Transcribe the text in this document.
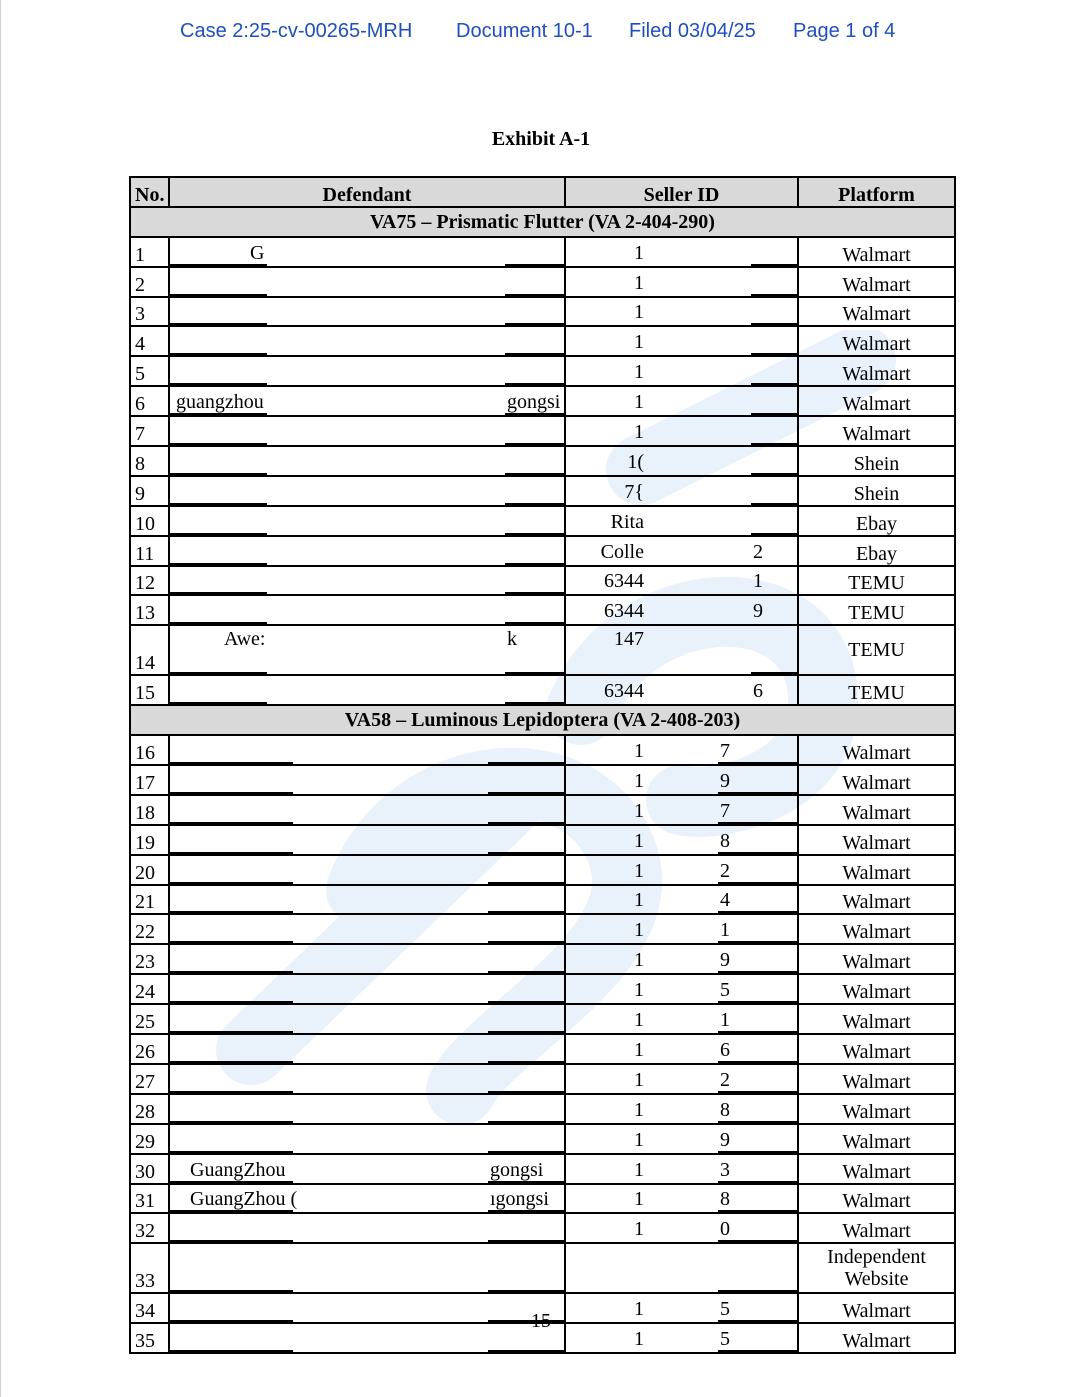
Case 2:25-cv-00265-MRH Document 10-1 Filed 03/04/25 Page 1 of 4
Exhibit A-1
No.	Defendant	Seller ID	Platform
VA75 – Prismatic Flutter (VA 2-404-290)			
1	G	1	Walmart
2		1	Walmart
3		1	Walmart
4		1	Walmart
5		1	Walmart
6	guangzhou gongsi	1	Walmart
7		1	Walmart
8		1(	Shein
9		7{	Shein
10		Rita	Ebay
11		Colle 2	Ebay
12		6344 1	TEMU
13		6344 9	TEMU
14	Awe: k	147	TEMU
15		6344 6	TEMU
VA58 – Luminous Lepidoptera (VA 2-408-203)			
16		1 7	Walmart
17		1 9	Walmart
18		1 7	Walmart
19		1 8	Walmart
20		1 2	Walmart
21		1 4	Walmart
22		1 1	Walmart
23		1 9	Walmart
24		1 5	Walmart
25		1 1	Walmart
26		1 6	Walmart
27		1 2	Walmart
28		1 8	Walmart
29		1 9	Walmart
30	GuangZhou gongsi	1 3	Walmart
31	GuangZhou ( ıgongsi	1 8	Walmart
32		1 0	Walmart
33			Independent Website
34		1 5	Walmart
35		1 5	Walmart
15
